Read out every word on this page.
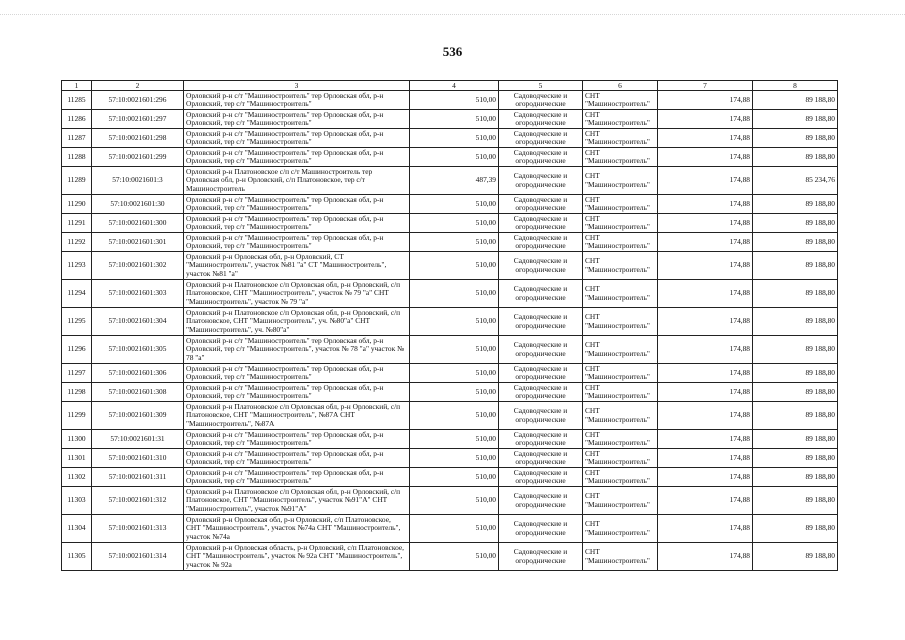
536
1	2	3	4	5	6	7	8
11285	57:10:0021601:296	Орловский р-н с/т "Машиностроитель" тер Орловская обл, р-н Орловский, тер с/т "Машиностроитель"	510,00	Садоводческие и огороднические	СНТ "Машиностроитель"	174,88	89 188,80
11286	57:10:0021601:297	Орловский р-н с/т "Машиностроитель" тер Орловская обл, р-н Орловский, тер с/т "Машиностроитель"	510,00	Садоводческие и огороднические	СНТ "Машиностроитель"	174,88	89 188,80
11287	57:10:0021601:298	Орловский р-н с/т "Машиностроитель" тер Орловская обл, р-н Орловский, тер с/т "Машиностроитель"	510,00	Садоводческие и огороднические	СНТ "Машиностроитель"	174,88	89 188,80
11288	57:10:0021601:299	Орловский р-н с/т "Машиностроитель" тер Орловская обл, р-н Орловский, тер с/т "Машиностроитель"	510,00	Садоводческие и огороднические	СНТ "Машиностроитель"	174,88	89 188,80
11289	57:10:0021601:3	Орловский р-н Платоновское с/п с/т Машиностроитель тер Орловская обл, р-н Орловский, с/п Платоновское, тер с/т Машиностроитель	487,39	Садоводческие и огороднические	СНТ "Машиностроитель"	174,88	85 234,76
11290	57:10:0021601:30	Орловский р-н с/т "Машиностроитель" тер Орловская обл, р-н Орловский, тер с/т "Машиностроитель"	510,00	Садоводческие и огороднические	СНТ "Машиностроитель"	174,88	89 188,80
11291	57:10:0021601:300	Орловский р-н с/т "Машиностроитель" тер Орловская обл, р-н Орловский, тер с/т "Машиностроитель"	510,00	Садоводческие и огороднические	СНТ "Машиностроитель"	174,88	89 188,80
11292	57:10:0021601:301	Орловский р-н с/т "Машиностроитель" тер Орловская обл, р-н Орловский, тер с/т "Машиностроитель"	510,00	Садоводческие и огороднические	СНТ "Машиностроитель"	174,88	89 188,80
11293	57:10:0021601:302	Орловский р-н Орловская обл, р-н Орловский, СТ "Машиностроитель", участок №81 "а" СТ "Машиностроитель", участок №81 "а"	510,00	Садоводческие и огороднические	СНТ "Машиностроитель"	174,88	89 188,80
11294	57:10:0021601:303	Орловский р-н Платоновское с/п Орловская обл, р-н Орловский, с/п Платоновское, СНТ "Машиностроитель", участок № 79 "а" СНТ "Машиностроитель", участок № 79 "а"	510,00	Садоводческие и огороднические	СНТ "Машиностроитель"	174,88	89 188,80
11295	57:10:0021601:304	Орловский р-н Платоновское с/п Орловская обл, р-н Орловский, с/п Платоновское, СНТ "Машиностроитель", уч. №80"а" СНТ "Машиностроитель", уч. №80"а"	510,00	Садоводческие и огороднические	СНТ "Машиностроитель"	174,88	89 188,80
11296	57:10:0021601:305	Орловский р-н с/т "Машиностроитель" тер Орловская обл, р-н Орловский, тер с/т "Машиностроитель", участок № 78 "а" участок № 78 "а"	510,00	Садоводческие и огороднические	СНТ "Машиностроитель"	174,88	89 188,80
11297	57:10:0021601:306	Орловский р-н с/т "Машиностроитель" тер Орловская обл, р-н Орловский, тер с/т "Машиностроитель"	510,00	Садоводческие и огороднические	СНТ "Машиностроитель"	174,88	89 188,80
11298	57:10:0021601:308	Орловский р-н с/т "Машиностроитель" тер Орловская обл, р-н Орловский, тер с/т "Машиностроитель"	510,00	Садоводческие и огороднические	СНТ "Машиностроитель"	174,88	89 188,80
11299	57:10:0021601:309	Орловский р-н Платоновское с/п Орловская обл, р-н Орловский, с/п Платоновское, СНТ "Машиностроитель", №87А СНТ "Машиностроитель", №87А	510,00	Садоводческие и огороднические	СНТ "Машиностроитель"	174,88	89 188,80
11300	57:10:0021601:31	Орловский р-н с/т "Машиностроитель" тер Орловская обл, р-н Орловский, тер с/т "Машиностроитель"	510,00	Садоводческие и огороднические	СНТ "Машиностроитель"	174,88	89 188,80
11301	57:10:0021601:310	Орловский р-н с/т "Машиностроитель" тер Орловская обл, р-н Орловский, тер с/т "Машиностроитель"	510,00	Садоводческие и огороднические	СНТ "Машиностроитель"	174,88	89 188,80
11302	57:10:0021601:311	Орловский р-н с/т "Машиностроитель" тер Орловская обл, р-н Орловский, тер с/т "Машиностроитель"	510,00	Садоводческие и огороднические	СНТ "Машиностроитель"	174,88	89 188,80
11303	57:10:0021601:312	Орловский р-н Платоновское с/п Орловская обл, р-н Орловский, с/п Платоновское, СНТ "Машиностроитель", участок №91"А" СНТ "Машиностроитель", участок №91"А"	510,00	Садоводческие и огороднические	СНТ "Машиностроитель"	174,88	89 188,80
11304	57:10:0021601:313	Орловский р-н Орловская обл, р-н Орловский, с/п Платоновское, СНТ "Машиностроитель", участок №74а СНТ "Машиностроитель", участок №74а	510,00	Садоводческие и огороднические	СНТ "Машиностроитель"	174,88	89 188,80
11305	57:10:0021601:314	Орловский р-н Орловская область, р-н Орловский, с/п Платоновское, СНТ "Машиностроитель", участок № 92а СНТ "Машиностроитель", участок № 92а	510,00	Садоводческие и огороднические	СНТ "Машиностроитель"	174,88	89 188,80
